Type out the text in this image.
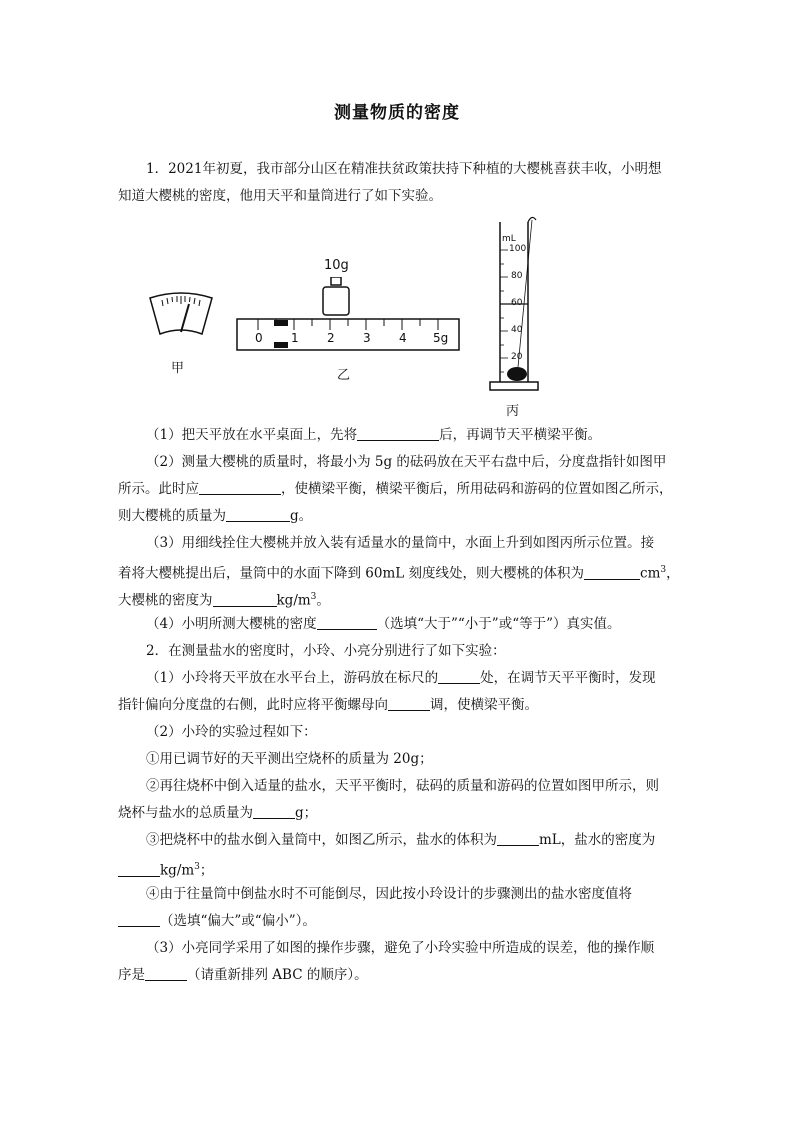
测量物质的密度

1．2021年初夏，我市部分山区在精准扶贫政策扶持下种植的大樱桃喜获丰收，小明想

知道大樱桃的密度，他用天平和量筒进行了如下实验。

甲
10g
0 1 2 3 4 5g
乙
mL
100
80
60
40
20
丙

（1）把天平放在水平桌面上，先将	后，再调节天平横梁平衡。

（2）测量大樱桃的质量时，将最小为 5g 的砝码放在天平右盘中后，分度盘指针如图甲

所示。此时应	，使横梁平衡，横梁平衡后，所用砝码和游码的位置如图乙所示，

则大樱桃的质量为	g。

（3）用细线拴住大樱桃并放入装有适量水的量筒中，水面上升到如图丙所示位置。接

着将大樱桃提出后，量筒中的水面下降到 60mL 刻度线处，则大樱桃的体积为	$cm^3$，

大樱桃的密度为	$kg/m^3$。

（4）小明所测大樱桃的密度	（选填“大于”“小于”或“等于”）真实值。

2．在测量盐水的密度时，小玲、小亮分别进行了如下实验：

（1）小玲将天平放在水平台上，游码放在标尺的	处，在调节天平平衡时，发现

指针偏向分度盘的右侧，此时应将平衡螺母向	调，使横梁平衡。

（2）小玲的实验过程如下：

①用已调节好的天平测出空烧杯的质量为 20g；

②再往烧杯中倒入适量的盐水，天平平衡时，砝码的质量和游码的位置如图甲所示，则

烧杯与盐水的总质量为	g；

③把烧杯中的盐水倒入量筒中，如图乙所示，盐水的体积为	mL，盐水的密度为

$kg/m^3$；

④由于往量筒中倒盐水时不可能倒尽，因此按小玲设计的步骤测出的盐水密度值将

（选填“偏大”或“偏小”）。

（3）小亮同学采用了如图的操作步骤，避免了小玲实验中所造成的误差，他的操作顺

序是	（请重新排列 ABC 的顺序）。
